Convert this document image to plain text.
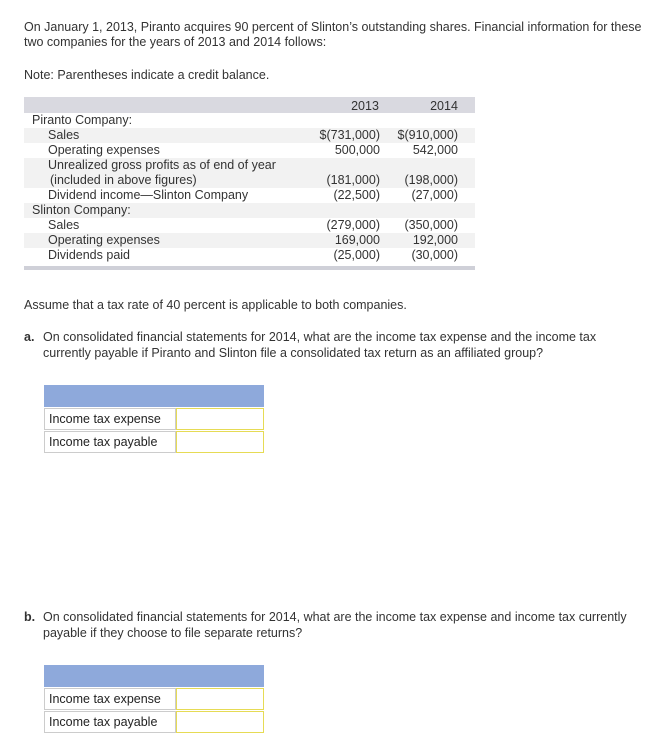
On January 1, 2013, Piranto acquires 90 percent of Slinton’s outstanding shares. Financial information for these two companies for the years of 2013 and 2014 follows:
Note: Parentheses indicate a credit balance.
2013	2014
Piranto Company:
Sales	$(731,000) $(910,000)
Operating expenses	500,000	542,000
Unrealized gross profits as of end of year
(included in above figures)	(181,000) (198,000)
Dividend income—Slinton Company	(22,500)	(27,000)
Slinton Company:
Sales	(279,000) (350,000)
Operating expenses	169,000	192,000
Dividends paid	(25,000)	(30,000)
Assume that a tax rate of 40 percent is applicable to both companies.
a. On consolidated financial statements for 2014, what are the income tax expense and the income tax currently payable if Piranto and Slinton file a consolidated tax return as an affiliated group?
Income tax expense
Income tax payable
b. On consolidated financial statements for 2014, what are the income tax expense and income tax currently payable if they choose to file separate returns?
Income tax expense
Income tax payable
